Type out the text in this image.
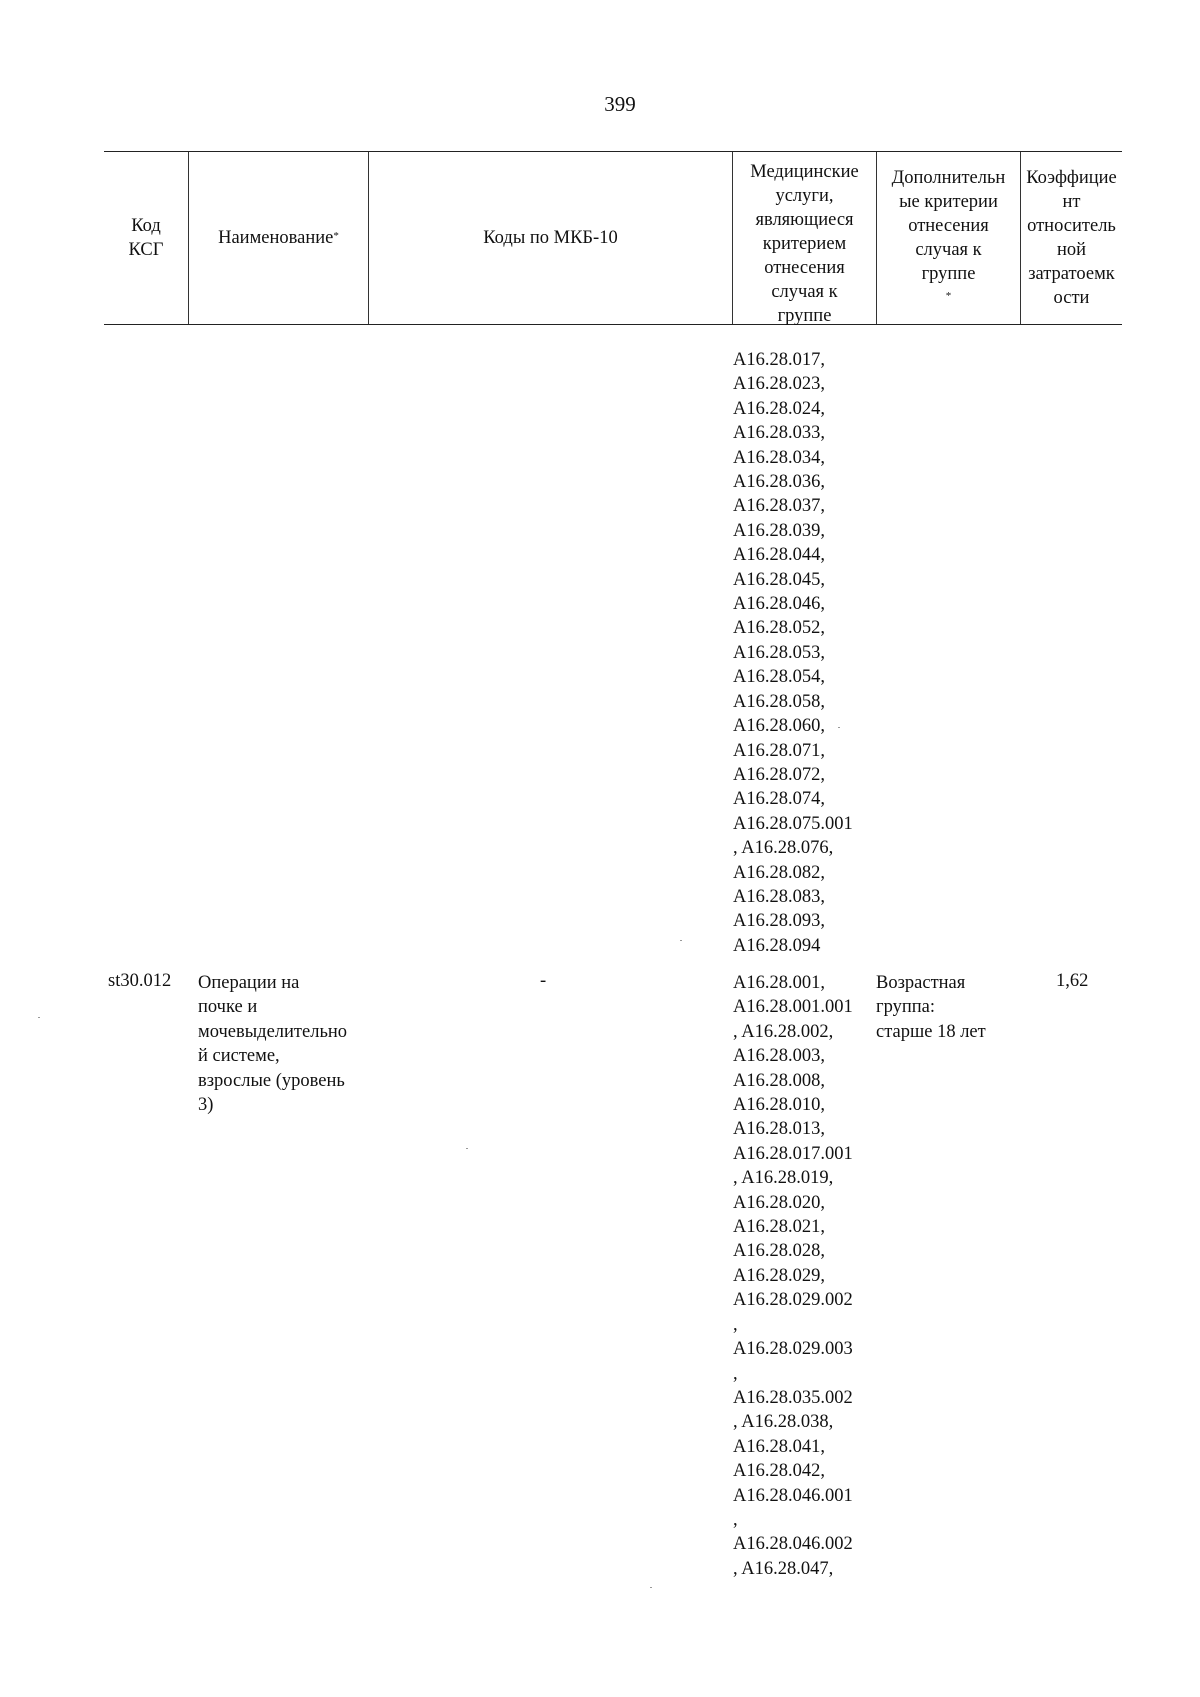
399
Код
КСГ
Наименование*	Коды по МКБ-10
Медицинские
услуги,
являющиеся
критерием
отнесения
случая к
группе
Дополнительн
ые критерии
отнесения
случая к
группе
*
Коэффицие
нт
относитель
ной
затратоемк
ости
A16.28.017,
A16.28.023,
A16.28.024,
A16.28.033,
A16.28.034,
A16.28.036,
A16.28.037,
A16.28.039,
A16.28.044,
A16.28.045,
A16.28.046,
A16.28.052,
A16.28.053,
A16.28.054,
A16.28.058,
A16.28.060,
A16.28.071,
A16.28.072,
A16.28.074,
A16.28.075.001
, A16.28.076,
A16.28.082,
A16.28.083,
A16.28.093,
A16.28.094
st30.012 Операции на
почке и
мочевыделительно
й системе,
взрослые (уровень
3)
-	A16.28.001,
A16.28.001.001
, A16.28.002,
A16.28.003,
A16.28.008,
A16.28.010,
A16.28.013,
A16.28.017.001
, A16.28.019,
A16.28.020,
A16.28.021,
A16.28.028,
A16.28.029,
A16.28.029.002
,
A16.28.029.003
,
A16.28.035.002
, A16.28.038,
A16.28.041,
A16.28.042,
A16.28.046.001
,
A16.28.046.002
, A16.28.047,
Возрастная
группа:
старше 18 лет
1,62
